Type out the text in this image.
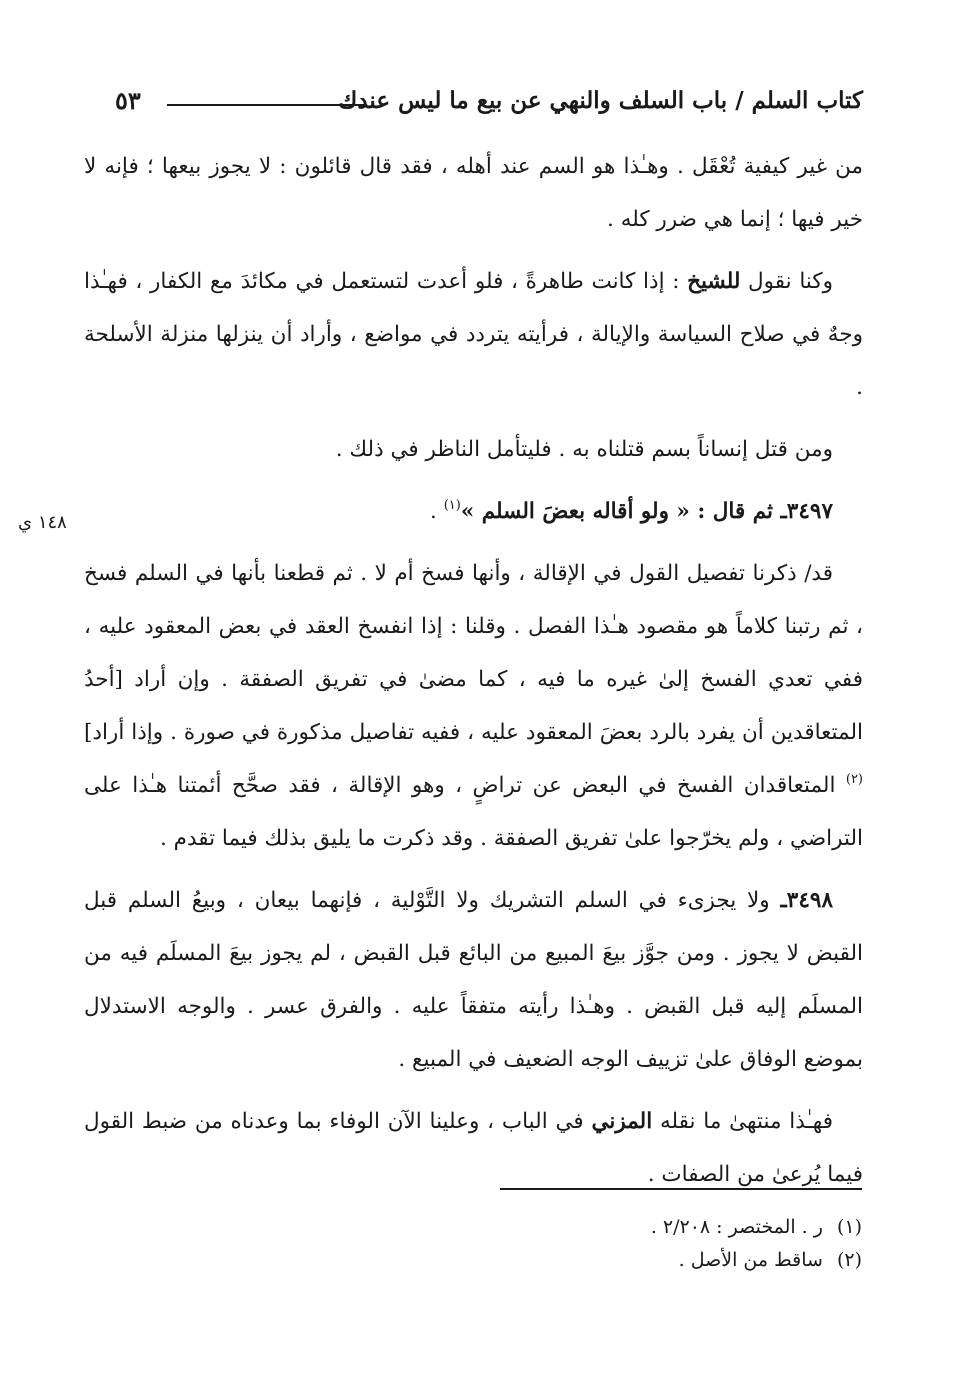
كتاب السلم / باب السلف والنهي عن بيع ما ليس عندك
٥٣
١٤٨ ي

من غير كيفية تُعْقَل . وهـٰذا هو السم عند أهله ، فقد قال قائلون : لا يجوز بيعها ؛ فإنه لا خير فيها ؛ إنما هي ضرر كله .

وكنا نقول للشيخ : إذا كانت طاهرةً ، فلو أعدت لتستعمل في مكائدَ مع الكفار ، فهـٰذا وجهٌ في صلاح السياسة والإيالة ، فرأيته يتردد في مواضع ، وأراد أن ينزلها منزلة الأسلحة .

ومن قتل إنساناً بسم قتلناه به . فليتأمل الناظر في ذلك .

٣٤٩٧ـ ثم قال : « ولو أقاله بعضَ السلم »$^{(١)}$ .

قد/ ذكرنا تفصيل القول في الإقالة ، وأنها فسخ أم لا . ثم قطعنا بأنها في السلم فسخ ، ثم رتبنا كلاماً هو مقصود هـٰذا الفصل . وقلنا : إذا انفسخ العقد في بعض المعقود عليه ، ففي تعدي الفسخ إلىٰ غيره ما فيه ، كما مضىٰ في تفريق الصفقة . وإن أراد [أحدُ المتعاقدين أن يفرد بالرد بعضَ المعقود عليه ، ففيه تفاصيل مذكورة في صورة . وإذا أراد]$^{(٢)}$ المتعاقدان الفسخ في البعض عن تراضٍ ، وهو الإقالة ، فقد صحَّح أئمتنا هـٰذا على التراضي ، ولم يخرّجوا علىٰ تفريق الصفقة . وقد ذكرت ما يليق بذلك فيما تقدم .

٣٤٩٨ـ ولا يجزىء في السلم التشريك ولا التَّوْلية ، فإنهما بيعان ، وبيعُ السلم قبل القبض لا يجوز . ومن جوَّز بيعَ المبيع من البائع قبل القبض ، لم يجوز بيعَ المسلَم فيه من المسلَم إليه قبل القبض . وهـٰذا رأيته متفقاً عليه . والفرق عسر . والوجه الاستدلال بموضع الوفاق علىٰ تزييف الوجه الضعيف في المبيع .

فهـٰذا منتهىٰ ما نقله المزني في الباب ، وعلينا الآن الوفاء بما وعدناه من ضبط القول فيما يُرعىٰ من الصفات .

(١)
ر . المختصر : ٢/٢٠٨ .
(٢)
ساقط من الأصل .
